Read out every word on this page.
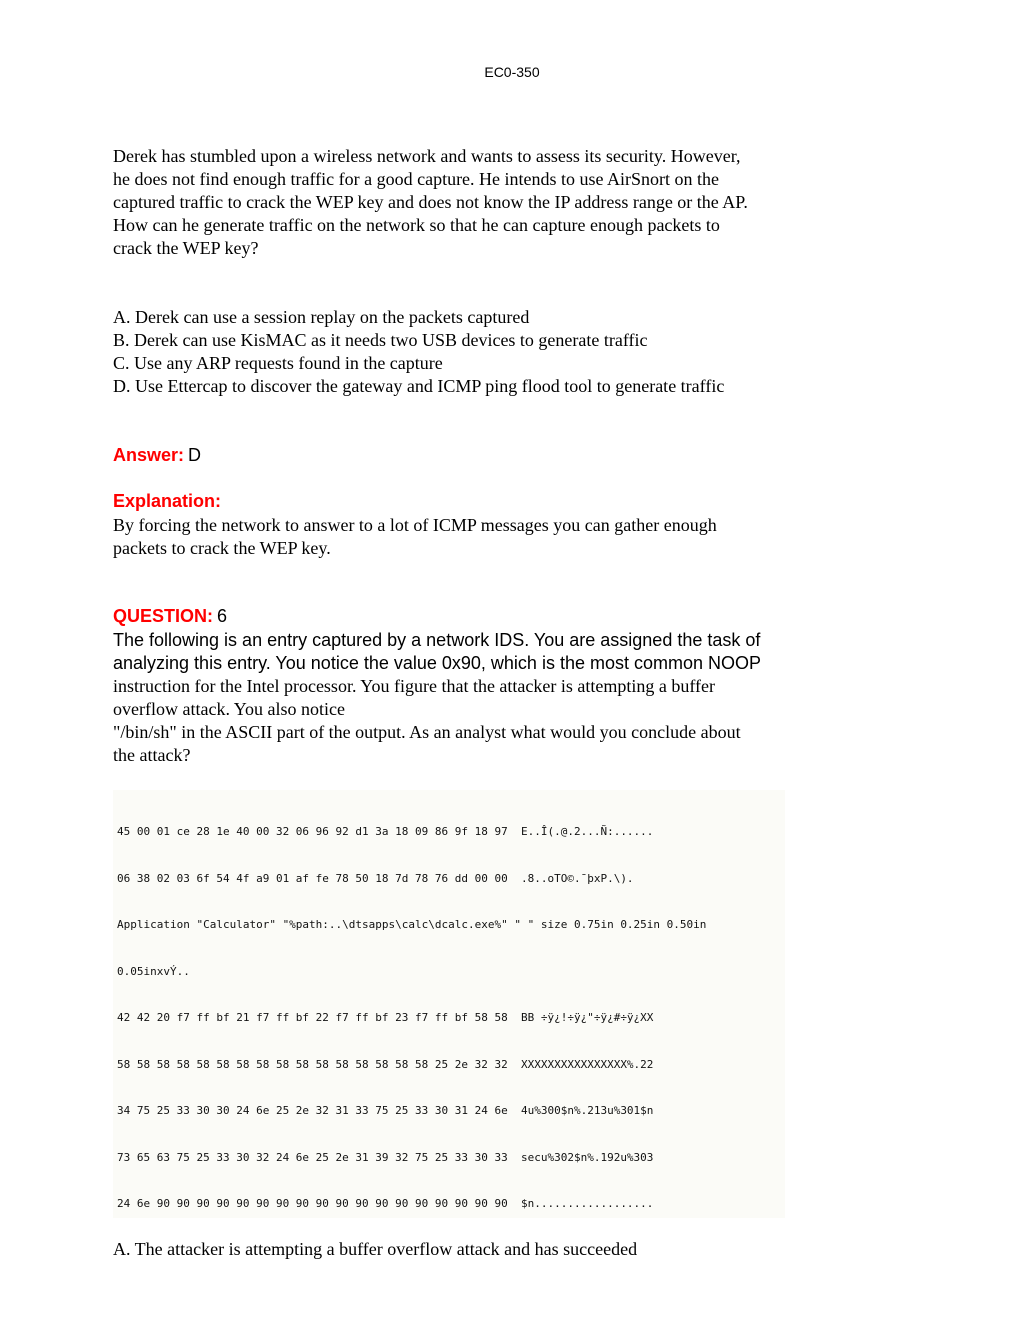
EC0-350

Derek has stumbled upon a wireless network and wants to assess its security. However,

he does not find enough traffic for a good capture. He intends to use AirSnort on the

captured traffic to crack the WEP key and does not know the IP address range or the AP.

How can he generate traffic on the network so that he can capture enough packets to

crack the WEP key?

A. Derek can use a session replay on the packets captured

B. Derek can use KisMAC as it needs two USB devices to generate traffic

C. Use any ARP requests found in the capture

D. Use Ettercap to discover the gateway and ICMP ping flood tool to generate traffic

Answer: D
Explanation:

By forcing the network to answer to a lot of ICMP messages you can gather enough

packets to crack the WEP key.

QUESTION: 6

The following is an entry captured by a network IDS. You are assigned the task of

analyzing this entry. You notice the value 0x90, which is the most common NOOP

instruction for the Intel processor. You figure that the attacker is attempting a buffer

overflow attack. You also notice

"/bin/sh" in the ASCII part of the output. As an analyst what would you conclude about

the attack?

45 00 01 ce 28 1e 40 00 32 06 96 92 d1 3a 18 09 86 9f 18 97  E..Î(.@.2...Ñ:......

06 38 02 03 6f 54 4f a9 01 af fe 78 50 18 7d 78 76 dd 00 00  .8..oTO©.¯þxP.\).

Application "Calculator" "%path:..\dtsapps\calc\dcalc.exe%" " " size 0.75in 0.25in 0.50in

0.05inxvÝ..

42 42 20 f7 ff bf 21 f7 ff bf 22 f7 ff bf 23 f7 ff bf 58 58  BB ÷ÿ¿!÷ÿ¿"÷ÿ¿#÷ÿ¿XX

58 58 58 58 58 58 58 58 58 58 58 58 58 58 58 58 25 2e 32 32  XXXXXXXXXXXXXXXX%.22

34 75 25 33 30 30 24 6e 25 2e 32 31 33 75 25 33 30 31 24 6e  4u%300$n%.213u%301$n

73 65 63 75 25 33 30 32 24 6e 25 2e 31 39 32 75 25 33 30 33  secu%302$n%.192u%303

24 6e 90 90 90 90 90 90 90 90 90 90 90 90 90 90 90 90 90 90  $n..................

A. The attacker is attempting a buffer overflow attack and has succeeded
